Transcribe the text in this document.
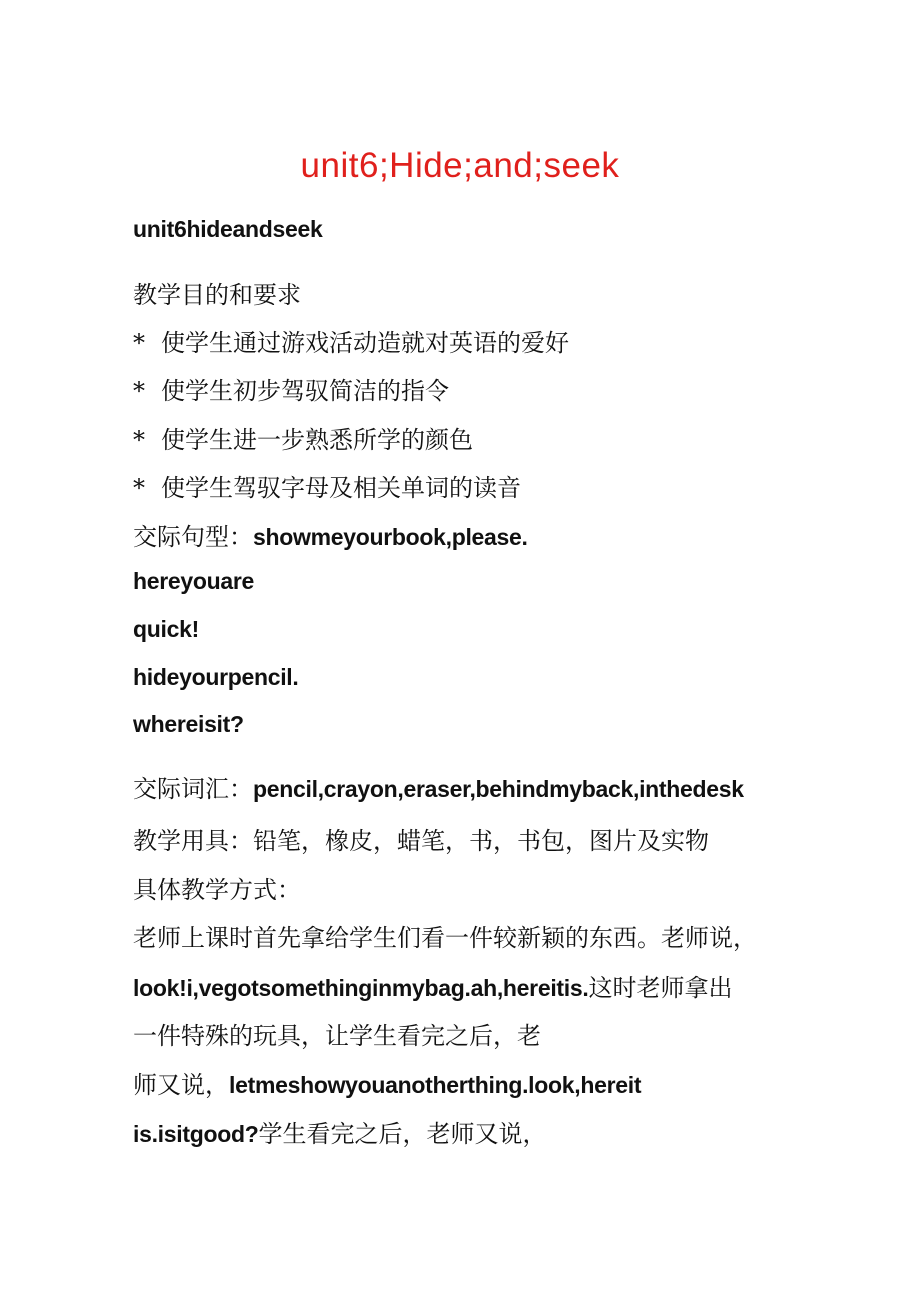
unit6;Hide;and;seek
unit6hideandseek
教学目的和要求
* 使学生通过游戏活动造就对英语的爱好
* 使学生初步驾驭简洁的指令
* 使学生进一步熟悉所学的颜色
* 使学生驾驭字母及相关单词的读音
交际句型：showmeyourbook,please.
hereyouare
quick!
hideyourpencil.
whereisit?
交际词汇：pencil,crayon,eraser,behindmyback,inthedesk
教学用具：铅笔，橡皮，蜡笔，书，书包，图片及实物
具体教学方式：
老师上课时首先拿给学生们看一件较新颖的东西。老师说，
look!i,vegotsomethinginmybag.ah,hereitis.这时老师拿出
一件特殊的玩具，让学生看完之后，老
师又说，letmeshowyouanotherthing.look,hereit
is.isitgood?学生看完之后，老师又说，
